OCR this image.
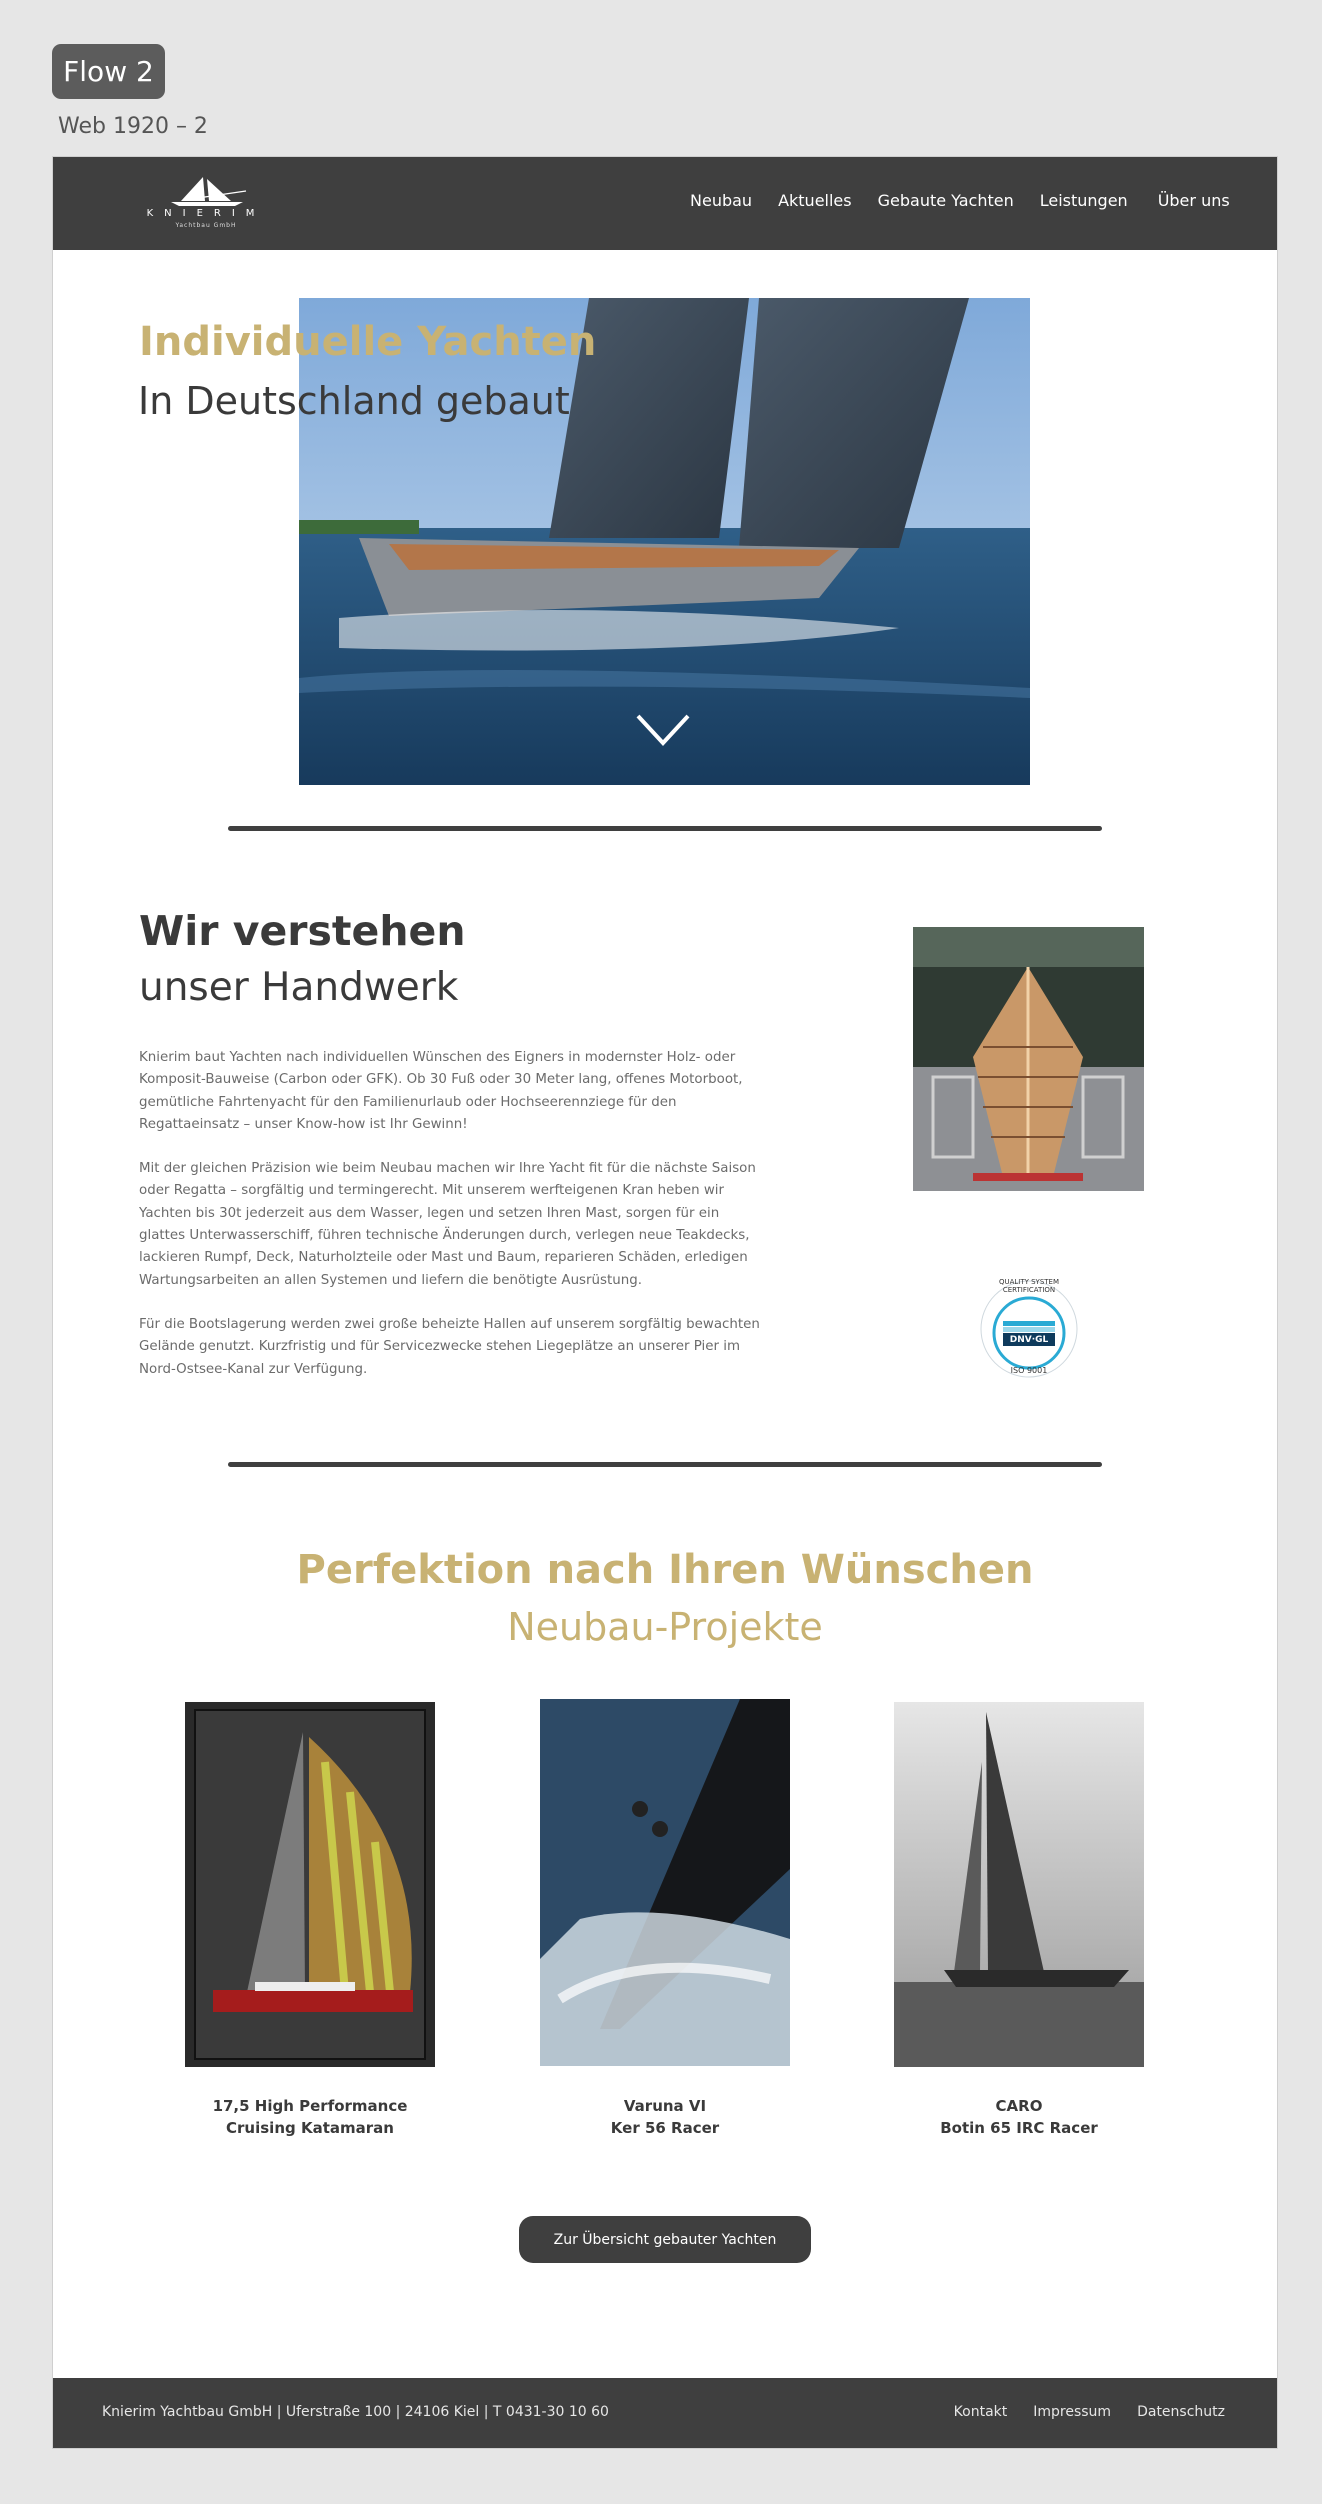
Flow 2
Web 1920 – 2
KNIERIM
Yachtbau GmbH
Neubau Aktuelles Gebaute Yachten Leistungen Über uns
Individuelle Yachten
In Deutschland gebaut
Wir verstehen
unser Handwerk

Knierim baut Yachten nach individuellen Wünschen des Eigners in modernster Holz- oder Komposit-Bauweise (Carbon oder GFK). Ob 30 Fuß oder 30 Meter lang, offenes Motorboot, gemütliche Fahrtenyacht für den Familienurlaub oder Hochseerennziege für den Regattaeinsatz – unser Know-how ist Ihr Gewinn!

Mit der gleichen Präzision wie beim Neubau machen wir Ihre Yacht fit für die nächste Saison oder Regatta – sorgfältig und termingerecht. Mit unserem werfteigenen Kran heben wir Yachten bis 30t jederzeit aus dem Wasser, legen und setzen Ihren Mast, sorgen für ein glattes Unterwasserschiff, führen technische Änderungen durch, verlegen neue Teakdecks, lackieren Rumpf, Deck, Naturholzteile oder Mast und Baum, reparieren Schäden, erledigen Wartungsarbeiten an allen Systemen und liefern die benötigte Ausrüstung.

Für die Bootslagerung werden zwei große beheizte Hallen auf unserem sorgfältig bewachten Gelände genutzt. Kurzfristig und für Servicezwecke stehen Liegeplätze an unserer Pier im Nord-Ostsee-Kanal zur Verfügung.

QUALITY SYSTEM CERTIFICATION
DNV·GL
ISO 9001
Perfektion nach Ihren Wünschen
Neubau-Projekte
17,5 High Performance
Cruising Katamaran
Varuna VI
Ker 56 Racer
CARO
Botin 65 IRC Racer
Zur Übersicht gebauter Yachten
Knierim Yachtbau GmbH | Uferstraße 100 | 24106 Kiel | T 0431-30 10 60	Kontakt Impressum Datenschutz
